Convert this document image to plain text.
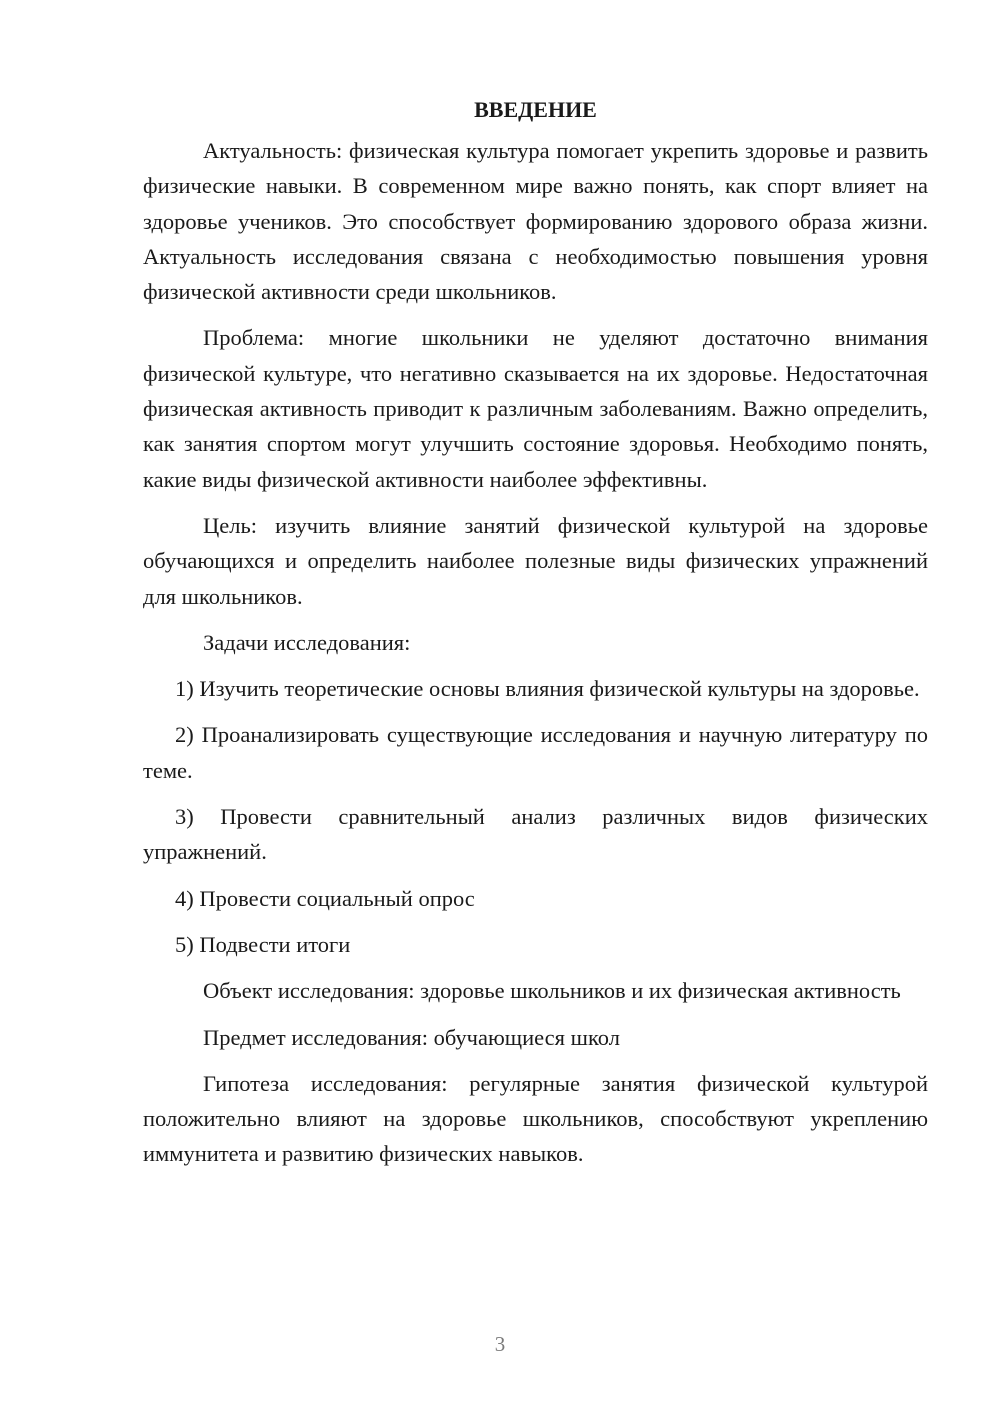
ВВЕДЕНИЕ

Актуальность: физическая культура помогает укрепить здоровье и развить физические навыки. В современном мире важно понять, как спорт влияет на здоровье учеников. Это способствует формированию здорового образа жизни. Актуальность исследования связана с необходимостью повышения уровня физической активности среди школьников.

Проблема: многие школьники не уделяют достаточно внимания физической культуре, что негативно сказывается на их здоровье. Недостаточная физическая активность приводит к различным заболеваниям. Важно определить, как занятия спортом могут улучшить состояние здоровья. Необходимо понять, какие виды физической активности наиболее эффективны.

Цель: изучить влияние занятий физической культурой на здоровье обучающихся и определить наиболее полезные виды физических упражнений для школьников.

Задачи исследования:

1) Изучить теоретические основы влияния физической культуры на здоровье.

2) Проанализировать существующие исследования и научную литературу по теме.

3) Провести сравнительный анализ различных видов физических упражнений.

4) Провести социальный опрос

5) Подвести итоги

Объект исследования: здоровье школьников и их физическая активность

Предмет исследования: обучающиеся школ

Гипотеза исследования: регулярные занятия физической культурой положительно влияют на здоровье школьников, способствуют укреплению иммунитета и развитию физических навыков.

3
